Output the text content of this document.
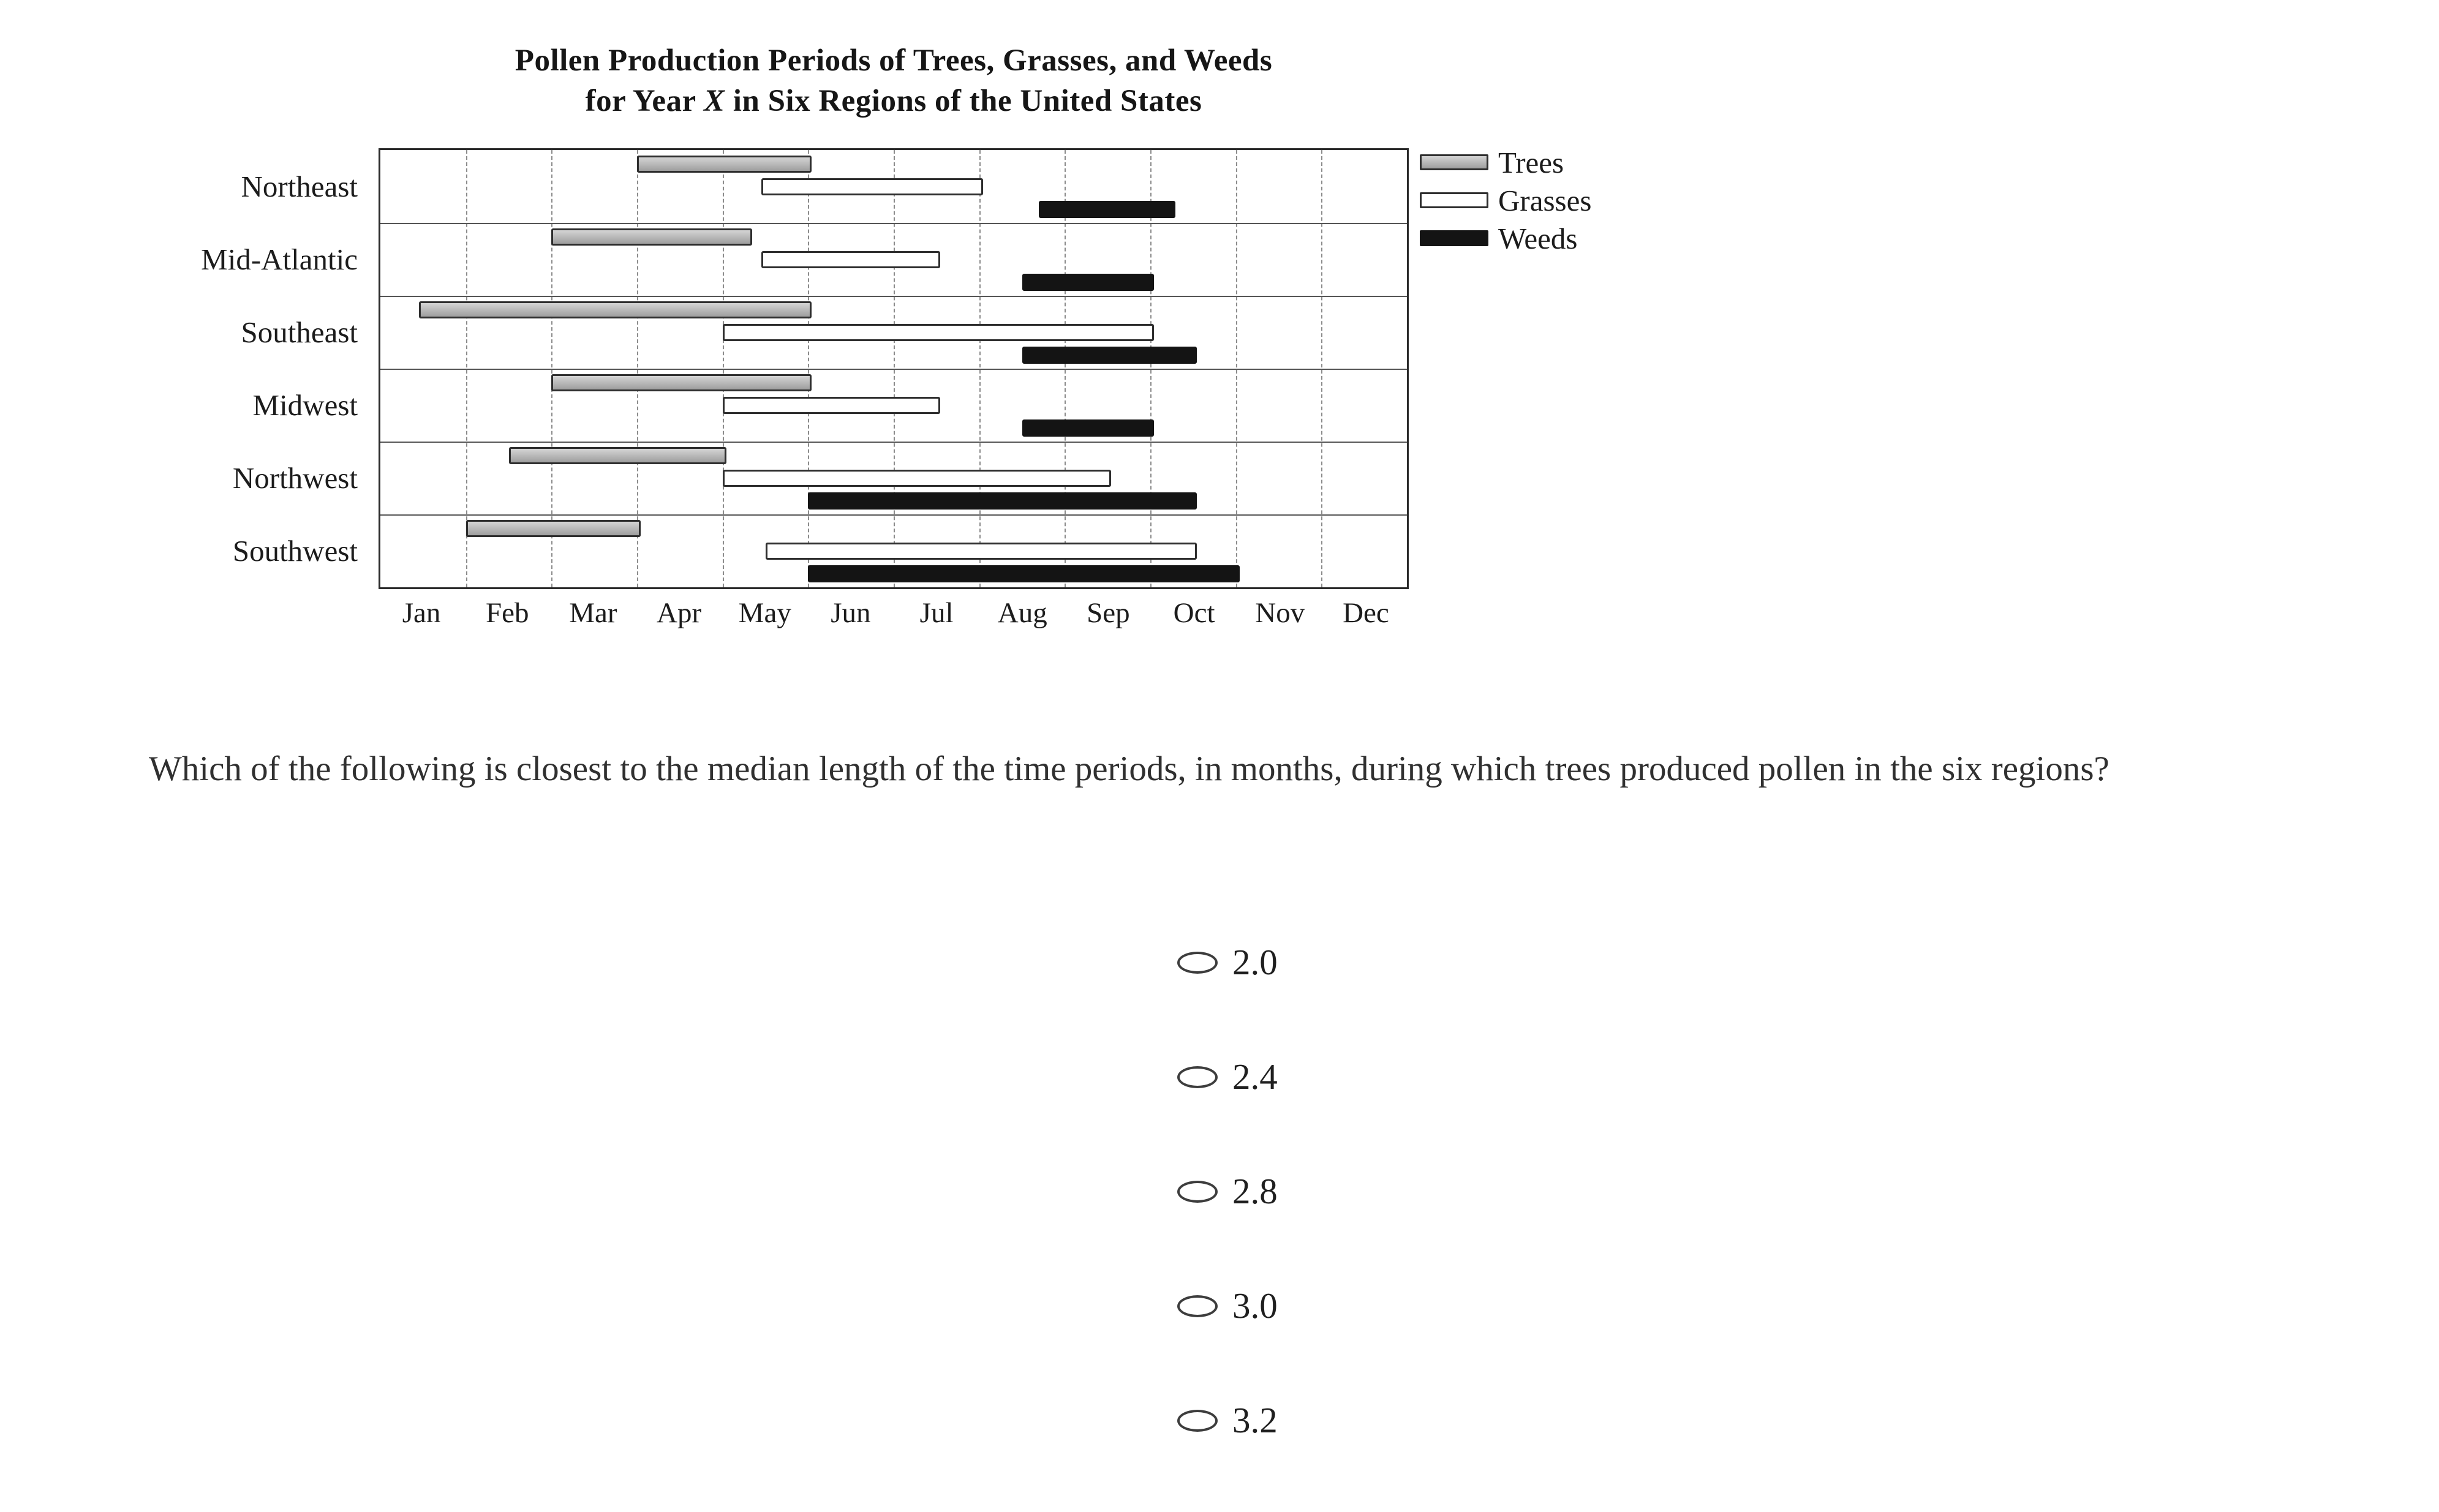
Pollen Production Periods of Trees, Grasses, and Weeds
for Year X in Six Regions of the United States
Northeast
Mid-Atlantic
Southeast
Midwest
Northwest
Southwest
Jan Feb Mar Apr May Jun Jul Aug Sep Oct Nov Dec
Trees
Grasses
Weeds
Which of the following is closest to the median length of the time periods, in months, during which trees produced pollen in the six regions?
2.0
2.4
2.8
3.0
3.2
